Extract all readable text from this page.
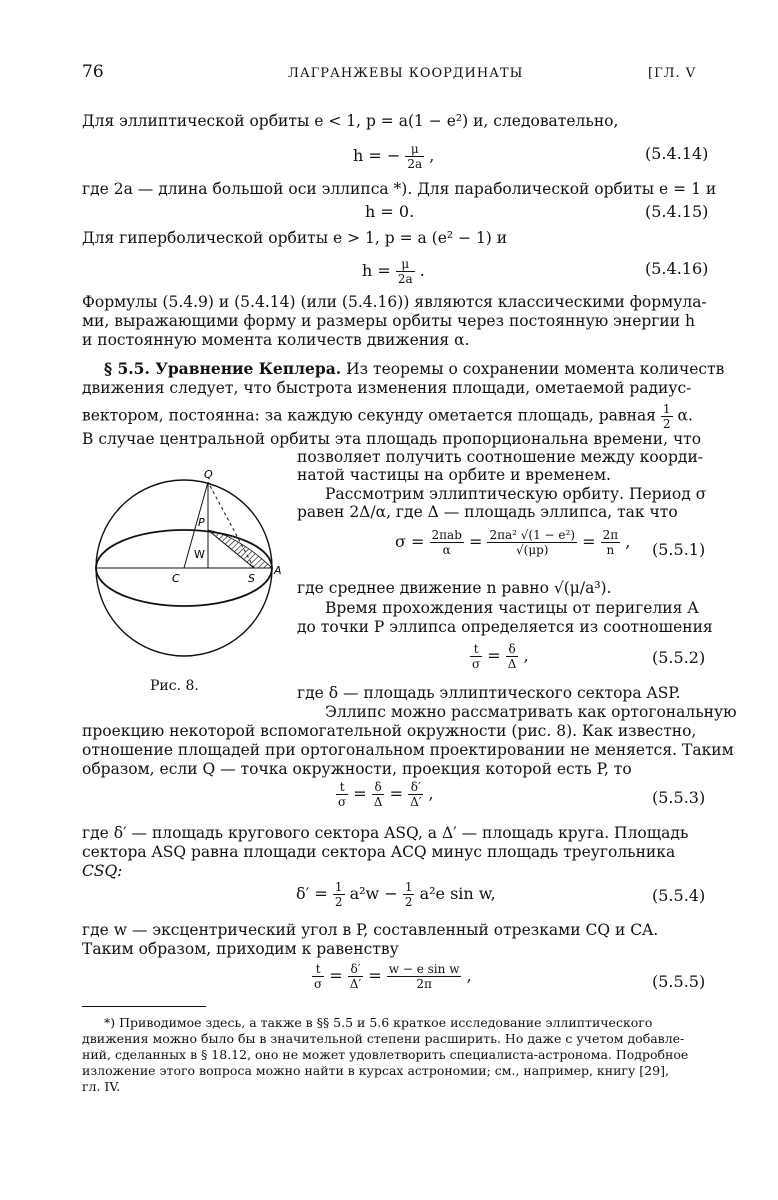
76	ЛАГРАНЖЕВЫ КООРДИНАТЫ	[ГЛ. V
Для эллиптической орбиты e < 1, p = a(1 − e²) и, следовательно,
h = − $\frac{\mu}{2a}$ ,	(5.4.14)
где 2a — длина большой оси эллипса *). Для параболической орбиты e = 1 и
h = 0.	(5.4.15)
Для гиперболической орбиты e > 1, p = a (e² − 1) и
$h = \frac{\mu}{2a}$ .	(5.4.16)
Формулы (5.4.9) и (5.4.14) (или (5.4.16)) являются классическими формула-
ми, выражающими форму и размеры орбиты через постоянную энергии h
и постоянную момента количеств движения α.
§ 5.5. Уравнение Кеплера. Из теоремы о сохранении момента количеств
движения следует, что быстрота изменения площади, ометаемой радиус-
вектором, постоянна: за каждую секунду ометается площадь, равная $\frac{1}{2} \alpha$.
В случае центральной орбиты эта площадь пропорциональна времени, что
позволяет получить соотношение между коорди-
натой частицы на орбите и временем.
Рассмотрим эллиптическую орбиту. Период σ
равен 2Δ/α, где Δ — площадь эллипса, так что
$\sigma = \frac{\text{2πab}}{\alpha} = \frac{\text{2πa² √(1 − e²)}}{√(\mu p)} = \frac{2\pi}{n}$ , (5.5.1)
где среднее движение n равно √(μ/a³).
Время прохождения частицы от перигелия A
до точки P эллипса определяется из соотношения
$\frac{t}{\sigma} = \frac{\delta}{\Delta}$ ,	(5.5.2)
Q
P
W
C	S
A
Рис. 8.	где δ — площадь эллиптического сектора ASP.
Эллипс можно рассматривать как ортогональную
проекцию некоторой вспомогательной окружности (рис. 8). Как известно,
отношение площадей при ортогональном проектировании не меняется. Таким
образом, если Q — точка окружности, проекция которой есть P, то
$\frac{t}{\sigma} = \frac{\delta}{\Delta} = \frac{\delta'}{\Delta'}$ ,	(5.5.3)
где δ′ — площадь кругового сектора ASQ, а Δ′ — площадь круга. Площадь
сектора ASQ равна площади сектора ACQ минус площадь треугольника
CSQ:
$\delta' = \frac{1}{2} a^2w - \frac{1}{2} a^2e$ sin w,	(5.5.4)
где w — эксцентрический угол в P, составленный отрезками CQ и CA.
Таким образом, приходим к равенству
$\frac{t}{\sigma} = \frac{\delta'}{\Delta'} = \frac{\text{w − e sin w}}{2\pi}$ ,	(5.5.5)
*) Приводимое здесь, а также в §§ 5.5 и 5.6 краткое исследование эллиптического
движения можно было бы в значительной степени расширить. Но даже с учетом добавле-
ний, сделанных в § 18.12, оно не может удовлетворить специалиста-астронома. Подробное
изложение этого вопроса можно найти в курсах астрономии; см., например, книгу [29],
гл. IV.
